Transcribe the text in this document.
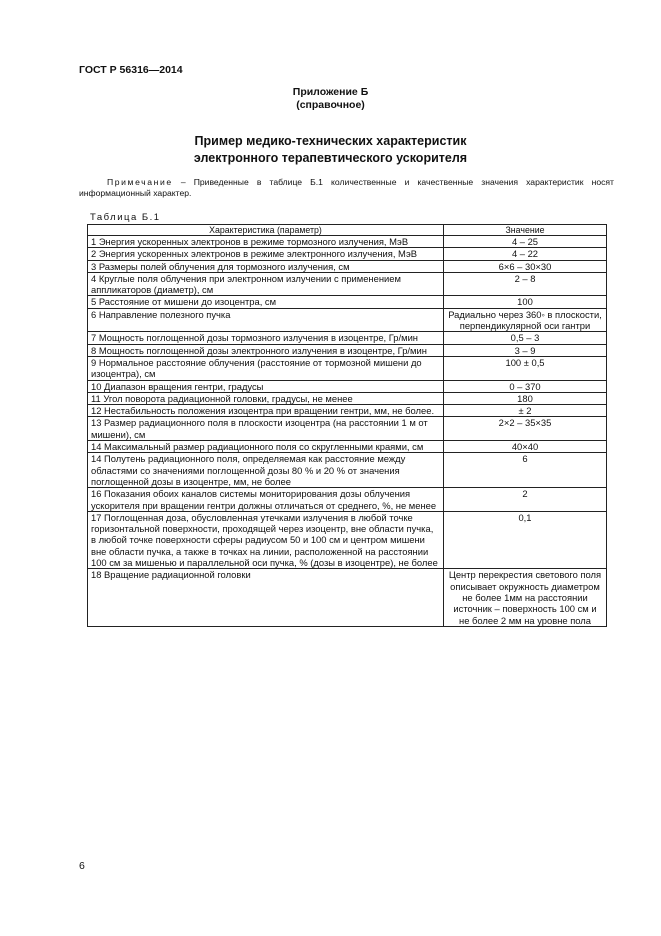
ГОСТ Р 56316—2014
Приложение Б
(справочное)
Пример медико-технических характеристик
электронного терапевтического ускорителя
Примечание – Приведенные в таблице Б.1 количественные и качественные значения характеристик носят информационный характер.
Таблица Б.1
Характеристика (параметр)	Значение
1 Энергия ускоренных электронов в режиме тормозного излучения, МэВ	4 – 25
2 Энергия ускоренных электронов в режиме электронного излучения, МэВ	4 – 22
3 Размеры полей облучения для тормозного излучения, см	6×6 – 30×30
4 Круглые поля облучения при электронном излучении с применением аппликаторов (диаметр), см	2 – 8
5 Расстояние от мишени до изоцентра, см	100
6 Направление полезного пучка	Радиально через 360◦ в плоскости, перпендикулярной оси гантри
7 Мощность поглощенной дозы тормозного излучения в изоцентре, Гр/мин	0,5 – 3
8 Мощность поглощенной дозы электронного излучения в изоцентре, Гр/мин	3 – 9
9 Нормальное расстояние облучения (расстояние от тормозной мишени до изоцентра), см	100 ± 0,5
10 Диапазон вращения гентри, градусы	0 – 370
11 Угол поворота радиационной головки, градусы, не менее	180
12 Нестабильность положения изоцентра при вращении гентри, мм, не более.	± 2
13 Размер радиационного поля в плоскости изоцентра (на расстоянии 1 м от мишени), см	2×2 – 35×35
14 Максимальный размер радиационного поля со скругленными краями, см	40×40
14 Полутень радиационного поля, определяемая как расстояние между областями со значениями поглощенной дозы 80 % и 20 % от значения поглощенной дозы в изоцентре, мм, не более	6
16 Показания обоих каналов системы мониторирования дозы облучения ускорителя при вращении гентри должны отличаться от среднего, %, не менее	2
17 Поглощенная доза, обусловленная утечками излучения в любой точке горизонтальной поверхности, проходящей через изоцентр, вне области пучка, в любой точке поверхности сферы радиусом 50 и 100 см и центром мишени вне области пучка, а также в точках на линии, расположенной на расстоянии 100 см за мишенью и параллельной оси пучка, % (дозы в изоцентре), не более	0,1
18 Вращение радиационной головки	Центр перекрестия светового поля описывает окружность диаметром не более 1мм на расстоянии источник – поверхность 100 см и не более 2 мм на уровне пола
6
